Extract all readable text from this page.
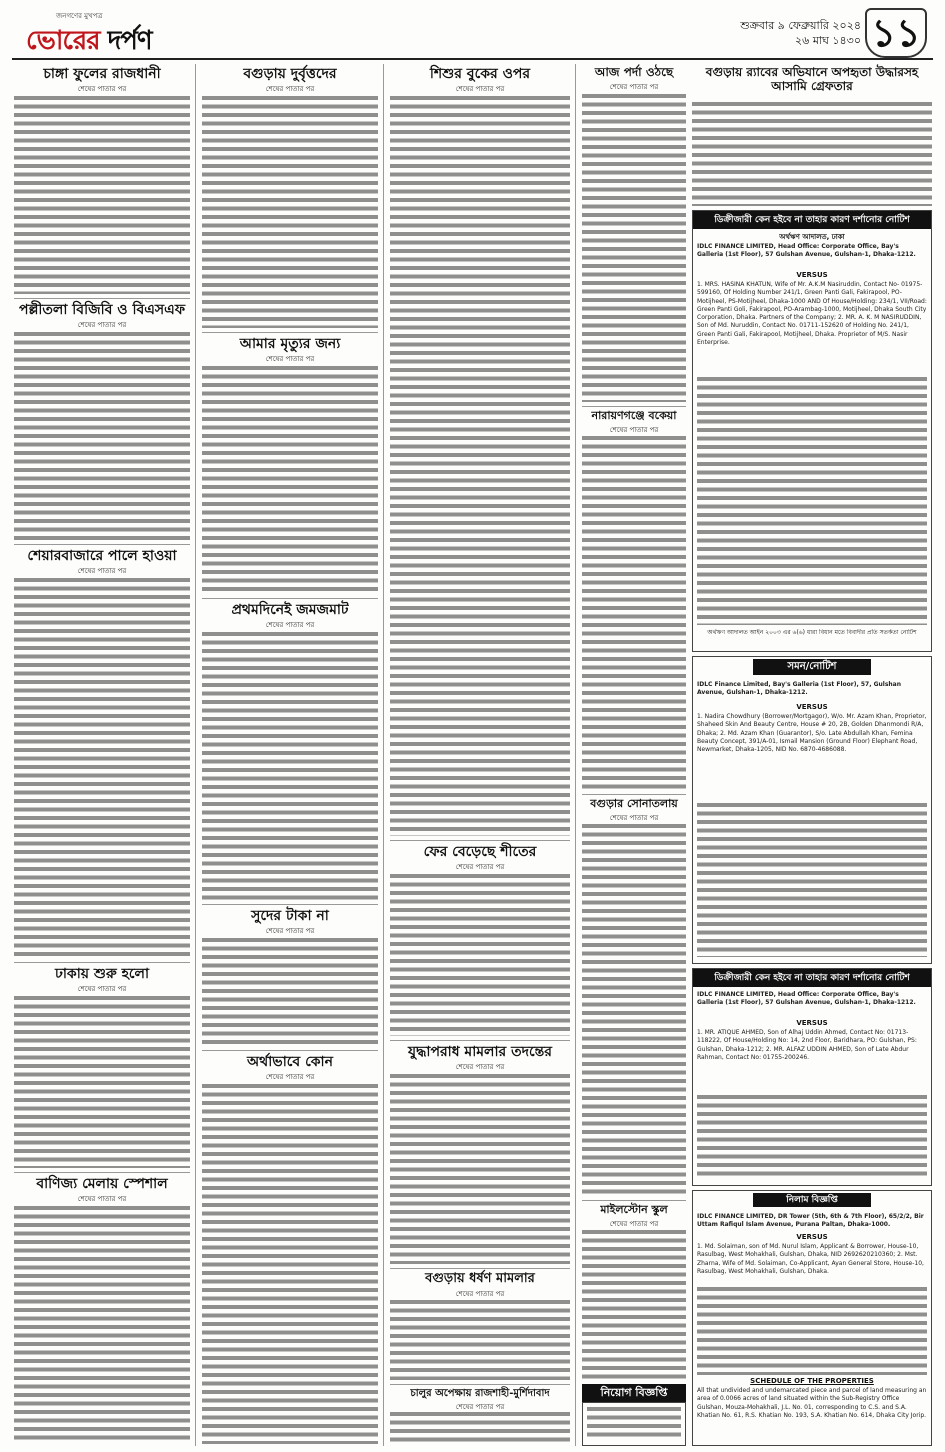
জনগণের মুখপত্র
ভোরের দর্পণ
শুক্রবার ৯ ফেব্রুয়ারি ২০২৪
২৬ মাঘ ১৪৩০ ১১
চাঙ্গা ফুলের রাজধানী
শেষের পাতার পর
পল্লীতলা বিজিবি ও বিএসএফ
শেষের পাতার পর
শেয়ারবাজারে পালে হাওয়া
শেষের পাতার পর
ঢাকায় শুরু হলো
শেষের পাতার পর
বাণিজ্য মেলায় স্পেশাল
শেষের পাতার পর
বগুড়ায় দুর্বৃত্তদের
শেষের পাতার পর
আমার মৃত্যুর জন্য
শেষের পাতার পর
প্রথমদিনেই জমজমাট
শেষের পাতার পর
সুদের টাকা না
শেষের পাতার পর
অর্থাভাবে কোন
শেষের পাতার পর
শিশুর বুকের ওপর
শেষের পাতার পর
ফের বেড়েছে শীতের
শেষের পাতার পর
যুদ্ধাপরাধ মামলার তদন্তের
শেষের পাতার পর
বগুড়ায় ধর্ষণ মামলার
শেষের পাতার পর
চালুর অপেক্ষায় রাজশাহী-মুর্শিদাবাদ
শেষের পাতার পর
আজ পর্দা ওঠছে
শেষের পাতার পর
নারায়ণগঞ্জে বকেয়া
শেষের পাতার পর
বগুড়ার সোনাতলায়
শেষের পাতার পর
মাইলস্টোন স্কুল
শেষের পাতার পর
নিয়োগ বিজ্ঞপ্তি
বগুড়ায় র‍্যাবের অভিযানে অপহৃতা উদ্ধারসহ আসামি গ্রেফতার
ডিক্রীজারী কেন হইবে না তাহার কারণ দর্শানোর নোটিশ
অর্থঋণ আদালত, ঢাকা
IDLC FINANCE LIMITED, Head Office: Corporate Office, Bay's Galleria (1st Floor), 57 Gulshan Avenue, Gulshan-1, Dhaka-1212.
VERSUS
1. MRS. HASINA KHATUN, Wife of Mr. A.K.M Nasiruddin, Contact No- 01975-599160, Of Holding Number 241/1, Green Panti Gali, Fakirapool, PO-Motijheel, PS-Motijheel, Dhaka-1000 AND Of House/Holding: 234/1, VII/Road: Green Panti Goli, Fakirapool, PO-Arambag-1000, Motijheel, Dhaka South City Corporation, Dhaka. Partners of the Company; 2. MR. A. K. M NASIRUDDIN, Son of Md. Nuruddin, Contact No. 01711-152620 of Holding No. 241/1, Green Panti Gali, Fakirapool, Motijheel, Dhaka. Proprietor of M/S. Nasir Enterprise.
অর্থঋণ আদালত আইন ২০০৩ এর ৬(৬) ধারা বিধান মতে বিবাদীর প্রতি সতর্কতা নোটিশ
সমন/নোটিশ
IDLC Finance Limited, Bay's Galleria (1st Floor), 57, Gulshan Avenue, Gulshan-1, Dhaka-1212.
VERSUS
1. Nadira Chowdhury (Borrower/Mortgagor), W/o. Mr. Azam Khan, Proprietor, Shaheed Skin And Beauty Centre, House # 20, 2B, Golden Dhanmondi R/A, Dhaka; 2. Md. Azam Khan (Guarantor), S/o. Late Abdullah Khan, Femina Beauty Concept, 391/A-01, Ismail Mansion (Ground Floor) Elephant Road, Newmarket, Dhaka-1205, NID No. 6870-4686088.
ডিক্রীজারী কেন হইবে না তাহার কারণ দর্শানোর নোটিশ
IDLC FINANCE LIMITED, Head Office: Corporate Office, Bay's Galleria (1st Floor), 57 Gulshan Avenue, Gulshan-1, Dhaka-1212.
VERSUS
1. MR. ATIQUE AHMED, Son of Alhaj Uddin Ahmed, Contact No: 01713-118222, Of House/Holding No: 14, 2nd Floor, Baridhara, PO: Gulshan, PS: Gulshan, Dhaka-1212; 2. MR. ALFAZ UDDIN AHMED, Son of Late Abdur Rahman, Contact No: 01755-200246.
নিলাম বিজ্ঞপ্তি
IDLC FINANCE LIMITED, DR Tower (5th, 6th & 7th Floor), 65/2/2, Bir Uttam Rafiqul Islam Avenue, Purana Paltan, Dhaka-1000.
VERSUS
1. Md. Solaiman, son of Md. Nurul Islam, Applicant & Borrower, House-10, Rasulbag, West Mohakhali, Gulshan, Dhaka, NID 2692620210360; 2. Mst. Zharna, Wife of Md. Solaiman, Co-Applicant, Ayan General Store, House-10, Rasulbag, West Mohakhali, Gulshan, Dhaka.
SCHEDULE OF THE PROPERTIES
All that undivided and undemarcated piece and parcel of land measuring an area of 0.0066 acres of land situated within the Sub-Registry Office Gulshan, Mouza-Mohakhali, J.L. No. 01, corresponding to C.S. and S.A. Khatian No. 61, R.S. Khatian No. 193, S.A. Khatian No. 614, Dhaka City Jorip.
